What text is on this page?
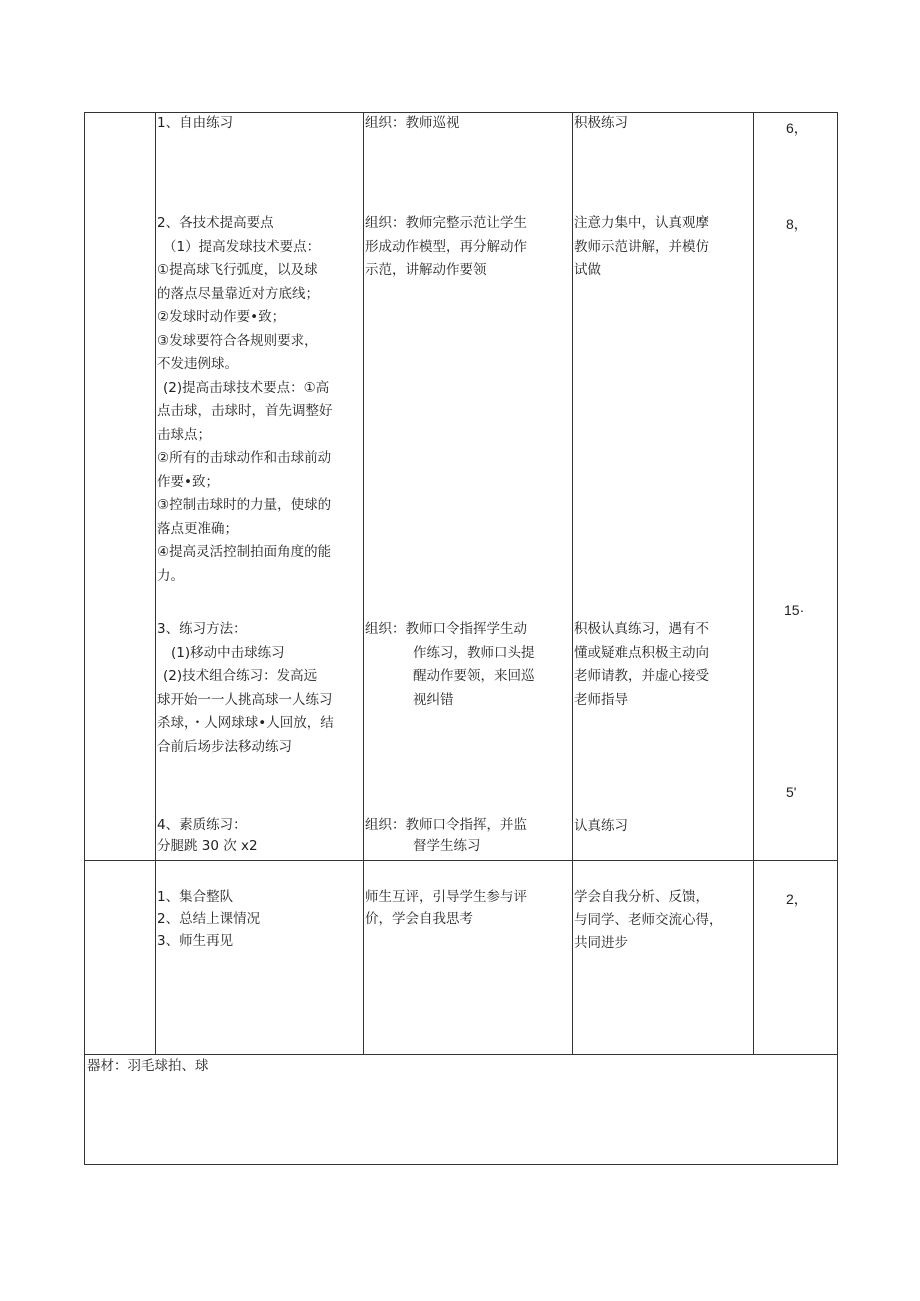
1、自由练习
2、各技术提高要点
（1）提高发球技术要点：
①提高球飞行弧度，以及球
的落点尽量靠近对方底线；
②发球时动作要•致；
③发球要符合各规则要求，
不发违例球。
(2)提高击球技术要点：①高
点击球，击球时，首先调整好
击球点；
②所有的击球动作和击球前动
作要•致；
③控制击球时的力量，使球的
落点更准确；
④提高灵活控制拍面角度的能
力。
3、练习方法：
(1)移动中击球练习
(2)技术组合练习：发高远
球开始一一人挑高球一人练习
杀球，・人网球球•人回放，结
合前后场步法移动练习
4、素质练习：
分腿跳 30 次 x2
组织：教师巡视
组织：教师完整示范让学生
形成动作模型，再分解动作
示范，讲解动作要领
组织：教师口令指挥学生动
作练习，教师口头提
醒动作要领，来回巡
视纠错
组织：教师口令指挥，并监
督学生练习
积极练习
注意力集中，认真观摩
教师示范讲解，并模仿
试做
积极认真练习，遇有不
懂或疑难点积极主动向
老师请教，并虚心接受
老师指导
认真练习
6，
8，
15·
5'
1、集合整队
2、总结上课情况
3、师生再见
师生互评，引导学生参与评
价，学会自我思考
学会自我分析、反馈，
与同学、老师交流心得，
共同进步
2，
器材：羽毛球拍、球
